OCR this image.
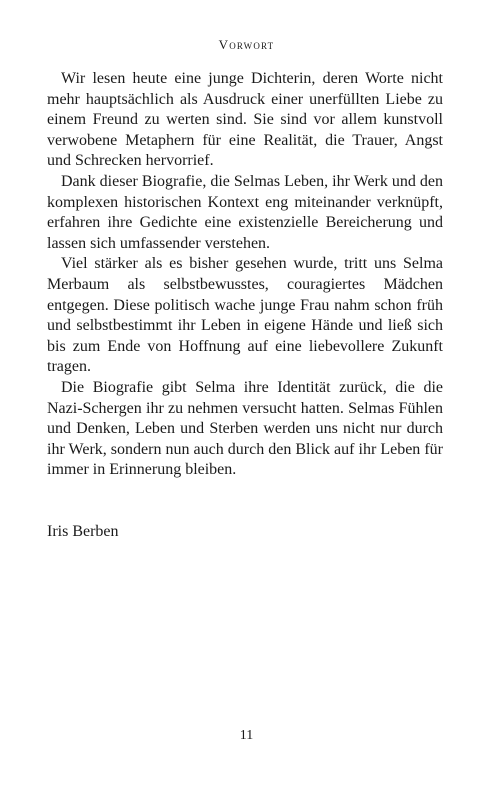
Vorwort

Wir lesen heute eine junge Dichterin, deren Worte nicht mehr hauptsächlich als Ausdruck einer unerfüllten Liebe zu einem Freund zu werten sind. Sie sind vor allem kunstvoll verwobene Metaphern für eine Realität, die Trauer, Angst und Schrecken hervorrief.

Dank dieser Biografie, die Selmas Leben, ihr Werk und den komplexen historischen Kontext eng miteinander verknüpft, erfahren ihre Gedichte eine existenzielle Bereicherung und lassen sich umfassender verstehen.

Viel stärker als es bisher gesehen wurde, tritt uns Selma Merbaum als selbstbewusstes, couragiertes Mädchen entgegen. Diese politisch wache junge Frau nahm schon früh und selbstbestimmt ihr Leben in eigene Hände und ließ sich bis zum Ende von Hoffnung auf eine liebevollere Zukunft tragen.

Die Biografie gibt Selma ihre Identität zurück, die die Nazi-Schergen ihr zu nehmen versucht hatten. Selmas Fühlen und Denken, Leben und Sterben werden uns nicht nur durch ihr Werk, sondern nun auch durch den Blick auf ihr Leben für immer in Erinnerung bleiben.

Iris Berben

11
